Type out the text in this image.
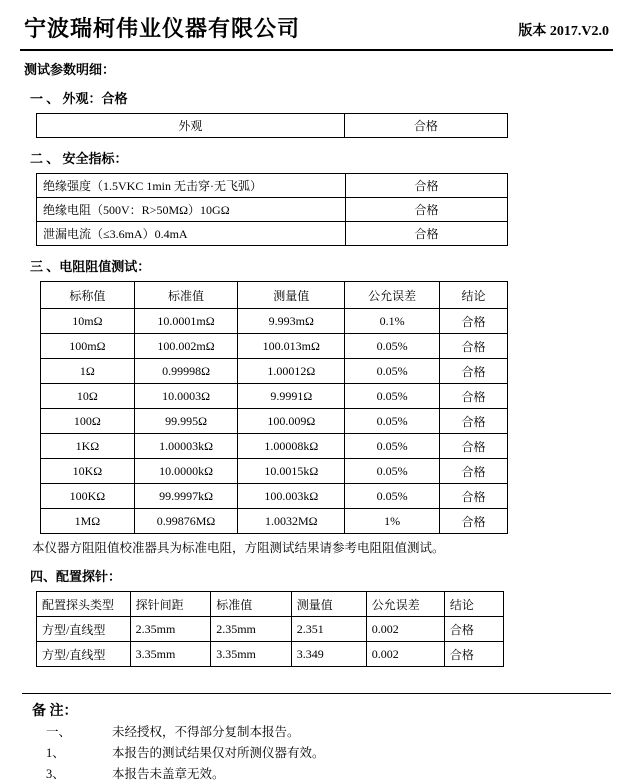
宁波瑞柯伟业仪器有限公司	版本 2017.V2.0
测试参数明细：
一 、 外观：合格
外观	合格
二 、 安全指标：
绝缘强度（1.5VKC 1min 无击穿·无飞弧）	合格
绝缘电阻（500V：R>50MΩ）10GΩ	合格
泄漏电流（≤3.6mA）0.4mA	合格
三 、电阻阻值测试：
标称值	标准值	测量值	公允误差	结论
10mΩ	10.0001mΩ	9.993mΩ	0.1%	合格
100mΩ	100.002mΩ	100.013mΩ	0.05%	合格
1Ω	0.99998Ω	1.00012Ω	0.05%	合格
10Ω	10.0003Ω	9.9991Ω	0.05%	合格
100Ω	99.995Ω	100.009Ω	0.05%	合格
1KΩ	1.00003kΩ	1.00008kΩ	0.05%	合格
10KΩ	10.0000kΩ	10.0015kΩ	0.05%	合格
100KΩ	99.9997kΩ	100.003kΩ	0.05%	合格
1MΩ	0.99876MΩ	1.0032MΩ	1%	合格
本仪器方阻阻值校准器具为标准电阻，方阻测试结果请参考电阻阻值测试。
四、配置探针：
配置探头类型	探针间距	标准值	测量值	公允误差	结论
方型/直线型	2.35mm	2.35mm	2.351	0.002	合格
方型/直线型	3.35mm	3.35mm	3.349	0.002	合格
备 注：
一、	未经授权，不得部分复制本报告。
1、	本报告的测试结果仅对所测仪器有效。
3、	本报告未盖章无效。
